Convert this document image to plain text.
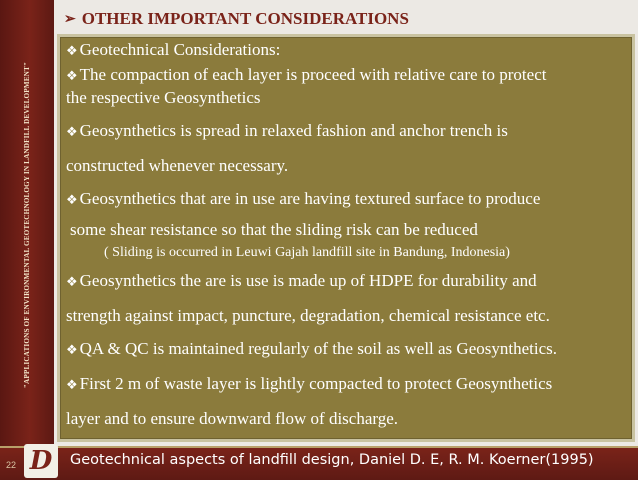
"APPLICATIONS OF ENVIRONMENTAL GEOTECHNOLOGY IN LANDFILL DEVELOPMENT"
➢ OTHER IMPORTANT CONSIDERATIONS

❖ Geotechnical Considerations:

❖ The compaction of each layer is proceed with relative care to protect

the respective Geosynthetics

❖ Geosynthetics is spread in relaxed fashion and anchor trench is

constructed whenever necessary.

❖ Geosynthetics that are in use are having textured surface to produce

some shear resistance so that the sliding risk can be reduced

( Sliding is occurred in Leuwi Gajah landfill site in Bandung, Indonesia)

❖ Geosynthetics the are is use is made up of HDPE for durability and

strength against impact, puncture, degradation, chemical resistance etc.

❖ QA & QC is maintained regularly of the soil as well as Geosynthetics.

❖ First 2 m of waste layer is lightly compacted to protect Geosynthetics

layer and to ensure downward flow of discharge.

22 D Geotechnical aspects of landfill design, Daniel D. E, R. M. Koerner(1995)
